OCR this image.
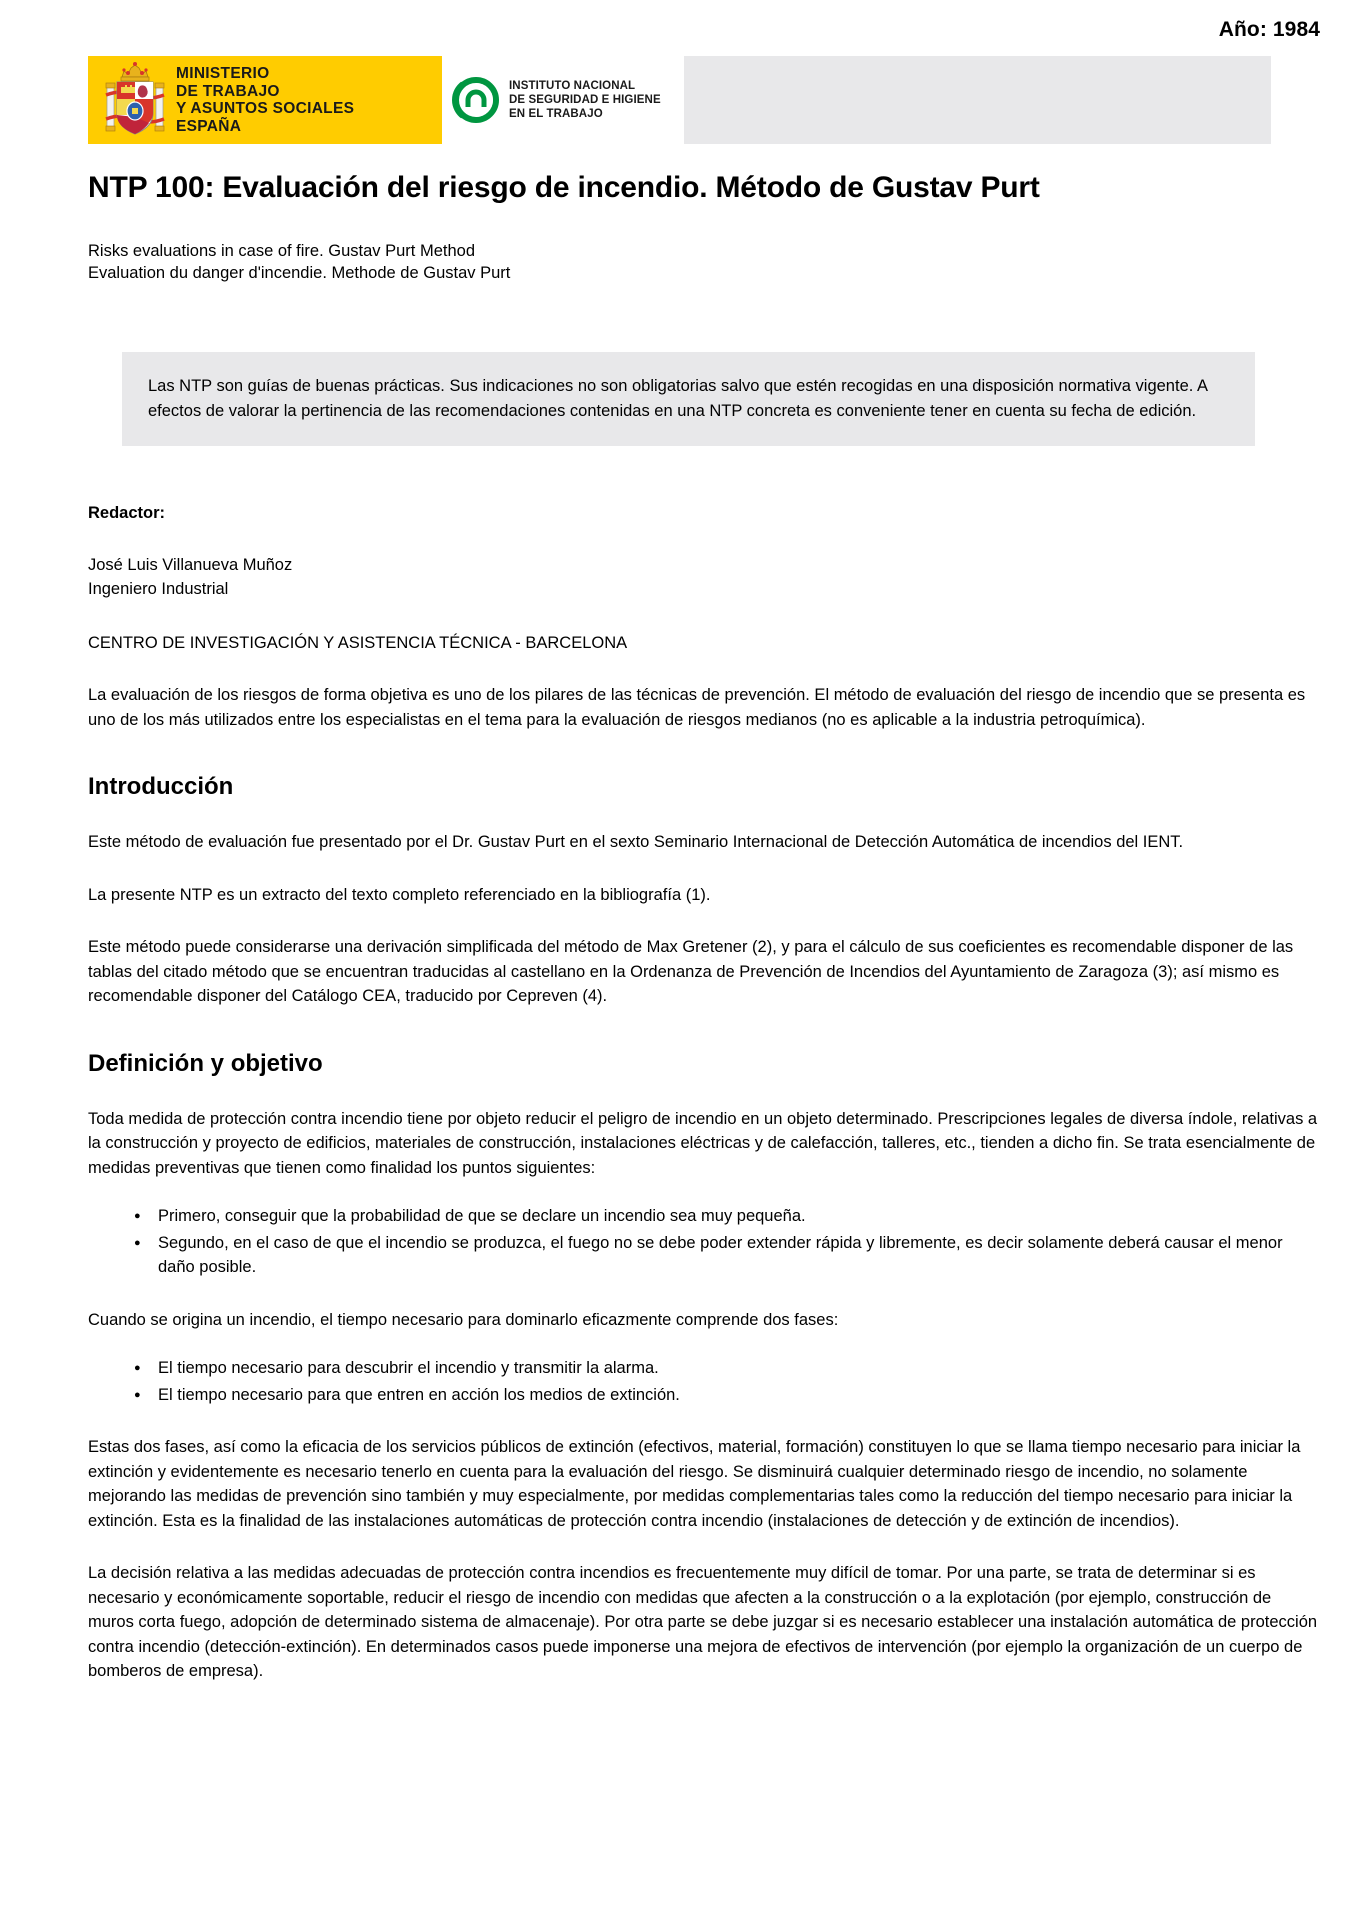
Año: 1984
MINISTERIO
DE TRABAJO
Y ASUNTOS SOCIALES
ESPAÑA
INSTITUTO NACIONAL
DE SEGURIDAD E HIGIENE
EN EL TRABAJO
NTP 100: Evaluación del riesgo de incendio. Método de Gustav Purt
Risks evaluations in case of fire. Gustav Purt Method
Evaluation du danger d'incendie. Methode de Gustav Purt
Las NTP son guías de buenas prácticas. Sus indicaciones no son obligatorias salvo que estén recogidas en una disposición normativa vigente. A efectos de valorar la pertinencia de las recomendaciones contenidas en una NTP concreta es conveniente tener en cuenta su fecha de edición.
Redactor:
José Luis Villanueva Muñoz
Ingeniero Industrial
CENTRO DE INVESTIGACIÓN Y ASISTENCIA TÉCNICA - BARCELONA

La evaluación de los riesgos de forma objetiva es uno de los pilares de las técnicas de prevención. El método de evaluación del riesgo de incendio que se presenta es uno de los más utilizados entre los especialistas en el tema para la evaluación de riesgos medianos (no es aplicable a la industria petroquímica).

Introducción

Este método de evaluación fue presentado por el Dr. Gustav Purt en el sexto Seminario Internacional de Detección Automática de incendios del IENT.

La presente NTP es un extracto del texto completo referenciado en la bibliografía (1).

Este método puede considerarse una derivación simplificada del método de Max Gretener (2), y para el cálculo de sus coeficientes es recomendable disponer de las tablas del citado método que se encuentran traducidas al castellano en la Ordenanza de Prevención de Incendios del Ayuntamiento de Zaragoza (3); así mismo es recomendable disponer del Catálogo CEA, traducido por Cepreven (4).

Definición y objetivo

Toda medida de protección contra incendio tiene por objeto reducir el peligro de incendio en un objeto determinado. Prescripciones legales de diversa índole, relativas a la construcción y proyecto de edificios, materiales de construcción, instalaciones eléctricas y de calefacción, talleres, etc., tienden a dicho fin. Se trata esencialmente de medidas preventivas que tienen como finalidad los puntos siguientes:

● Primero, conseguir que la probabilidad de que se declare un incendio sea muy pequeña.
● Segundo, en el caso de que el incendio se produzca, el fuego no se debe poder extender rápida y libremente, es decir solamente deberá causar el menor daño posible.

Cuando se origina un incendio, el tiempo necesario para dominarlo eficazmente comprende dos fases:

● El tiempo necesario para descubrir el incendio y transmitir la alarma.
● El tiempo necesario para que entren en acción los medios de extinción.

Estas dos fases, así como la eficacia de los servicios públicos de extinción (efectivos, material, formación) constituyen lo que se llama tiempo necesario para iniciar la extinción y evidentemente es necesario tenerlo en cuenta para la evaluación del riesgo. Se disminuirá cualquier determinado riesgo de incendio, no solamente mejorando las medidas de prevención sino también y muy especialmente, por medidas complementarias tales como la reducción del tiempo necesario para iniciar la extinción. Esta es la finalidad de las instalaciones automáticas de protección contra incendio (instalaciones de detección y de extinción de incendios).

La decisión relativa a las medidas adecuadas de protección contra incendios es frecuentemente muy difícil de tomar. Por una parte, se trata de determinar si es necesario y económicamente soportable, reducir el riesgo de incendio con medidas que afecten a la construcción o a la explotación (por ejemplo, construcción de muros corta fuego, adopción de determinado sistema de almacenaje). Por otra parte se debe juzgar si es necesario establecer una instalación automática de protección contra incendio (detección-extinción). En determinados casos puede imponerse una mejora de efectivos de intervención (por ejemplo la organización de un cuerpo de bomberos de empresa).
